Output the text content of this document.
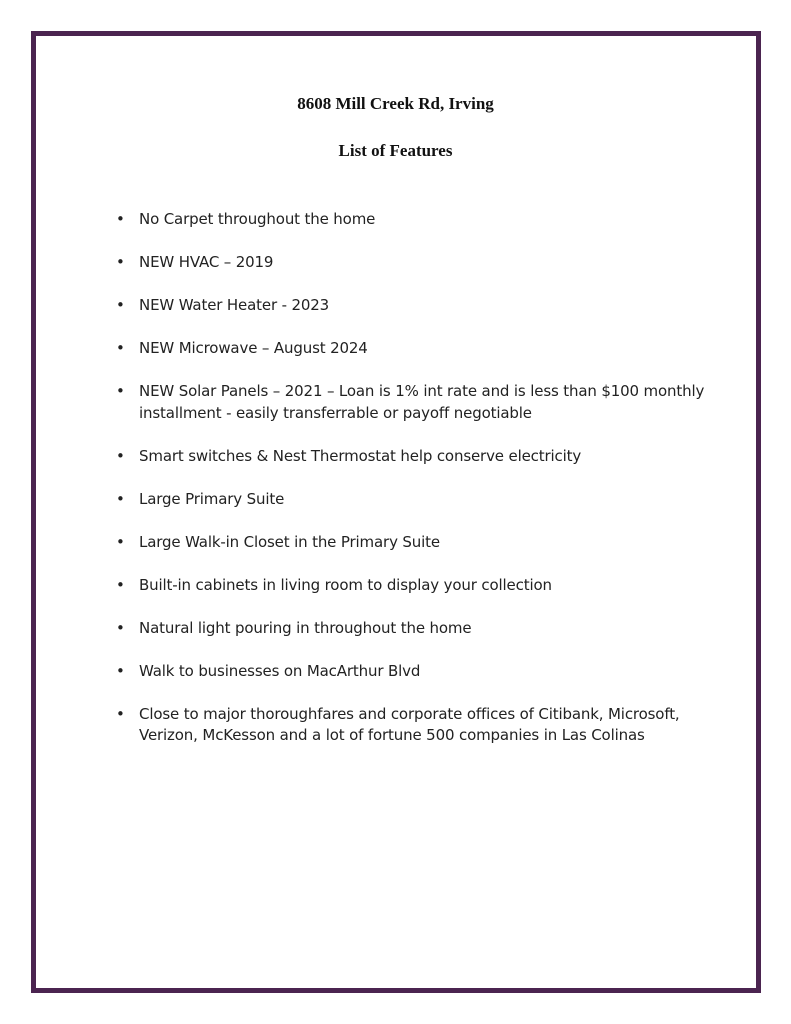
8608 Mill Creek Rd, Irving
List of Features
• No Carpet throughout the home
• NEW HVAC – 2019
• NEW Water Heater - 2023
• NEW Microwave – August 2024
• NEW Solar Panels – 2021 – Loan is 1% int rate and is less than $100 monthly installment - easily transferrable or payoff negotiable
• Smart switches & Nest Thermostat help conserve electricity
• Large Primary Suite
• Large Walk-in Closet in the Primary Suite
• Built-in cabinets in living room to display your collection
• Natural light pouring in throughout the home
• Walk to businesses on MacArthur Blvd
• Close to major thoroughfares and corporate offices of Citibank, Microsoft, Verizon, McKesson and a lot of fortune 500 companies in Las Colinas
